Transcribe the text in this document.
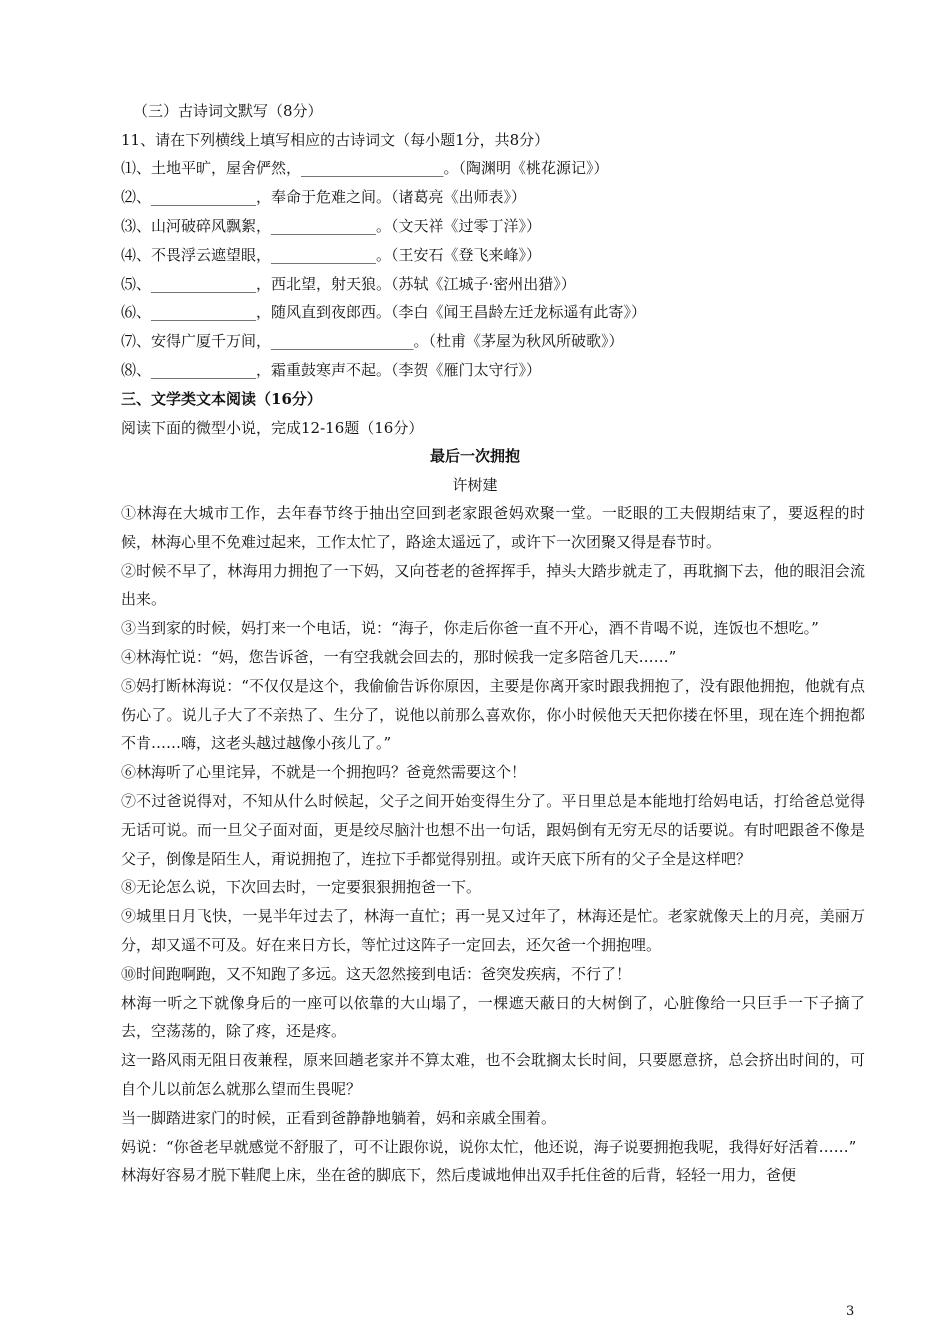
（三）古诗词文默写（8分）
11、请在下列横线上填写相应的古诗词文（每小题1分，共8分）
⑴、土地平旷，屋舍俨然，___________________。（陶渊明《桃花源记》）
⑵、______________，奉命于危难之间。（诸葛亮《出师表》）
⑶、山河破碎风飘絮，______________。（文天祥《过零丁洋》）
⑷、不畏浮云遮望眼，______________。（王安石《登飞来峰》）
⑸、______________，西北望，射天狼。（苏轼《江城子·密州出猎》）
⑹、______________，随风直到夜郎西。（李白《闻王昌龄左迁龙标遥有此寄》）
⑺、安得广厦千万间，___________________。（杜甫《茅屋为秋风所破歌》）
⑻、______________，霜重鼓寒声不起。（李贺《雁门太守行》）
三、文学类文本阅读（16分）
阅读下面的微型小说，完成12-16题（16分）
最后一次拥抱
许树建

①林海在大城市工作，去年春节终于抽出空回到老家跟爸妈欢聚一堂。一眨眼的工夫假期结束了，要返程的时候，林海心里不免难过起来，工作太忙了，路途太遥远了，或许下一次团聚又得是春节时。

②时候不早了，林海用力拥抱了一下妈，又向苍老的爸挥挥手，掉头大踏步就走了，再耽搁下去，他的眼泪会流出来。

③当到家的时候，妈打来一个电话，说：“海子，你走后你爸一直不开心，酒不肯喝不说，连饭也不想吃。”

④林海忙说：“妈，您告诉爸，一有空我就会回去的，那时候我一定多陪爸几天……”

⑤妈打断林海说：“不仅仅是这个，我偷偷告诉你原因，主要是你离开家时跟我拥抱了，没有跟他拥抱，他就有点伤心了。说儿子大了不亲热了、生分了，说他以前那么喜欢你，你小时候他天天把你搂在怀里，现在连个拥抱都不肯……嗨，这老头越过越像小孩儿了。”

⑥林海听了心里诧异，不就是一个拥抱吗？爸竟然需要这个！

⑦不过爸说得对，不知从什么时候起，父子之间开始变得生分了。平日里总是本能地打给妈电话，打给爸总觉得无话可说。而一旦父子面对面，更是绞尽脑汁也想不出一句话，跟妈倒有无穷无尽的话要说。有时吧跟爸不像是父子，倒像是陌生人，甭说拥抱了，连拉下手都觉得别扭。或许天底下所有的父子全是这样吧？

⑧无论怎么说，下次回去时，一定要狠狠拥抱爸一下。

⑨城里日月飞快，一晃半年过去了，林海一直忙；再一晃又过年了，林海还是忙。老家就像天上的月亮，美丽万分，却又遥不可及。好在来日方长，等忙过这阵子一定回去，还欠爸一个拥抱哩。

⑩时间跑啊跑，又不知跑了多远。这天忽然接到电话：爸突发疾病，不行了！

林海一听之下就像身后的一座可以依靠的大山塌了，一棵遮天蔽日的大树倒了，心脏像给一只巨手一下子摘了去，空荡荡的，除了疼，还是疼。

这一路风雨无阻日夜兼程，原来回趟老家并不算太难，也不会耽搁太长时间，只要愿意挤，总会挤出时间的，可自个儿以前怎么就那么望而生畏呢？

当一脚踏进家门的时候，正看到爸静静地躺着，妈和亲戚全围着。

妈说：“你爸老早就感觉不舒服了，可不让跟你说，说你太忙，他还说，海子说要拥抱我呢，我得好好活着……”

林海好容易才脱下鞋爬上床，坐在爸的脚底下，然后虔诚地伸出双手托住爸的后背，轻轻一用力，爸便

3
